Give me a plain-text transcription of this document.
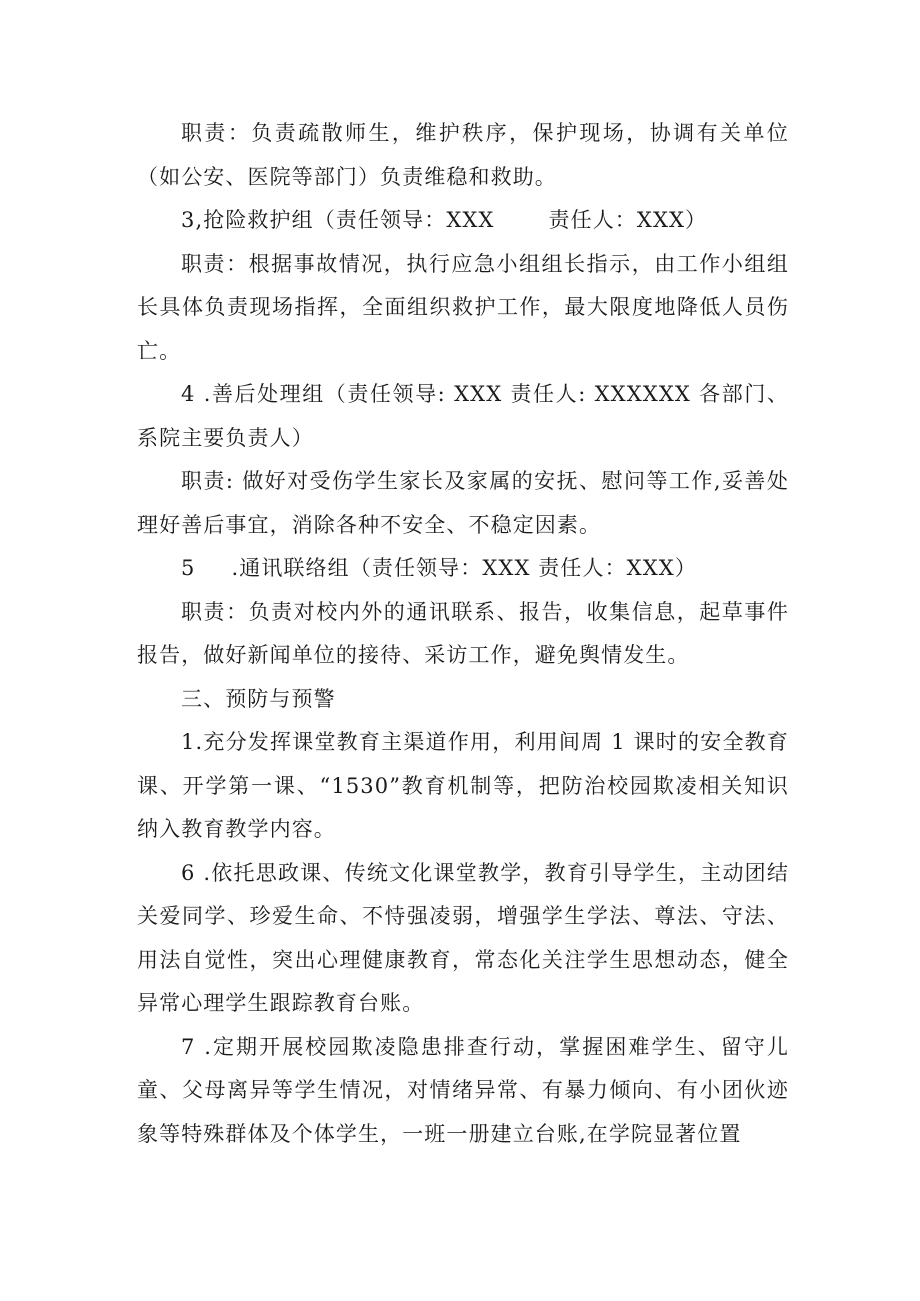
职责：负责疏散师生，维护秩序，保护现场，协调有关单位（如公安、医院等部门）负责维稳和救助。

3,抢险救护组（责任领导：XXX	责任人：XXX）

职责：根据事故情况，执行应急小组组长指示，由工作小组组长具体负责现场指挥，全面组织救护工作，最大限度地降低人员伤亡。

4 .善后处理组（责任领导: XXX 责任人: XXXXXX 各部门、系院主要负责人）

职责: 做好对受伤学生家长及家属的安抚、慰问等工作,妥善处理好善后事宜，消除各种不安全、不稳定因素。

5 .通讯联络组（责任领导：XXX 责任人：XXX）

职责：负责对校内外的通讯联系、报告，收集信息，起草事件报告，做好新闻单位的接待、采访工作，避免舆情发生。

三、预防与预警

1.充分发挥课堂教育主渠道作用，利用间周 1 课时的安全教育课、开学第一课、“1530”教育机制等，把防治校园欺凌相关知识纳入教育教学内容。

6 .依托思政课、传统文化课堂教学，教育引导学生，主动团结关爱同学、珍爱生命、不恃强凌弱，增强学生学法、尊法、守法、用法自觉性，突出心理健康教育，常态化关注学生思想动态，健全异常心理学生跟踪教育台账。

7 .定期开展校园欺凌隐患排查行动，掌握困难学生、留守儿童、父母离异等学生情况，对情绪异常、有暴力倾向、有小团伙迹象等特殊群体及个体学生，一班一册建立台账,在学院显著位置
